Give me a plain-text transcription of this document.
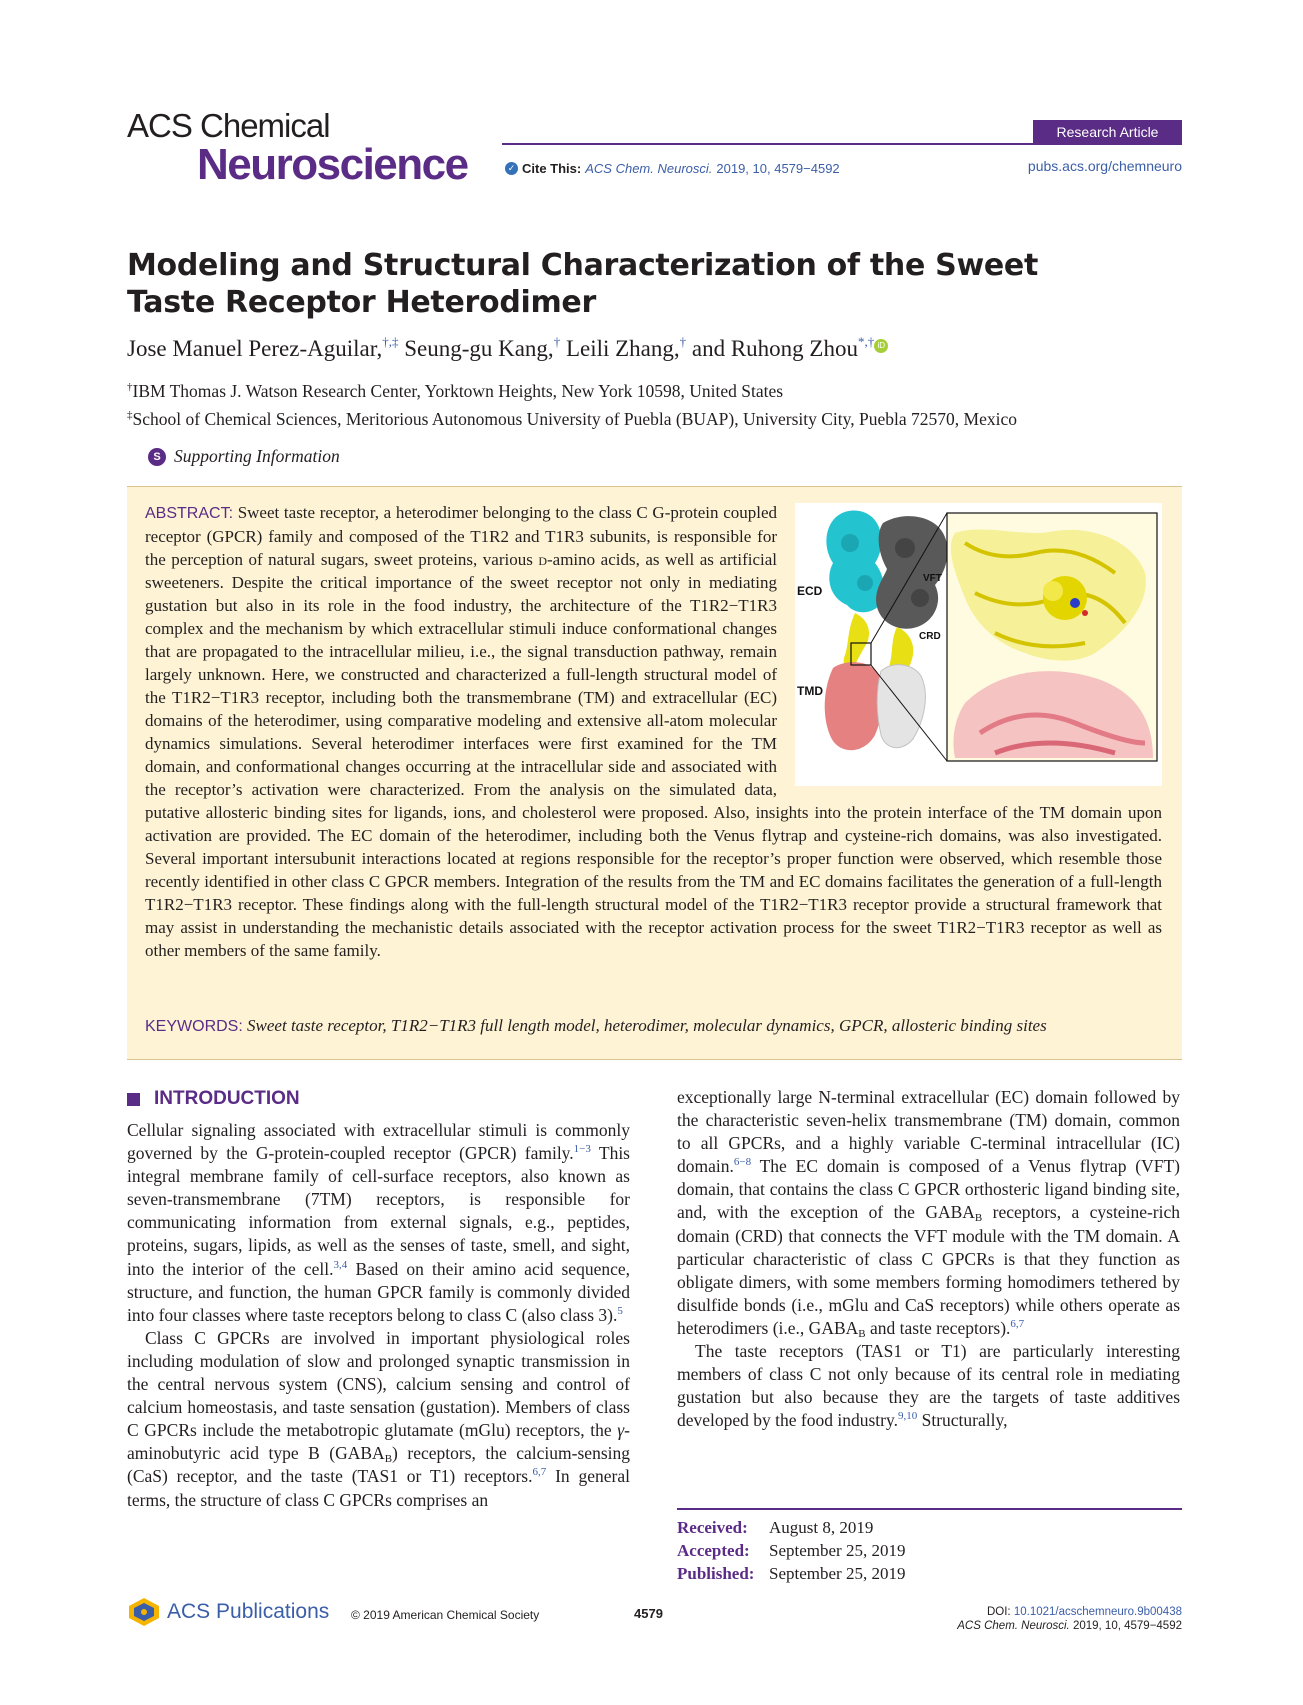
ACS Chemical
Neuroscience
Research Article
✓ Cite This: ACS Chem. Neurosci. 2019, 10, 4579−4592	pubs.acs.org/chemneuro
Modeling and Structural Characterization of the Sweet Taste Receptor Heterodimer
Jose Manuel Perez-Aguilar,†,‡ Seung-gu Kang,† Leili Zhang,† and Ruhong Zhou*,† iD
†IBM Thomas J. Watson Research Center, Yorktown Heights, New York 10598, United States
‡School of Chemical Sciences, Meritorious Autonomous University of Puebla (BUAP), University City, Puebla 72570, Mexico
S Supporting Information
ECD
VFT
CRD
TMD
ABSTRACT: Sweet taste receptor, a heterodimer belonging to the class C G-protein coupled receptor (GPCR) family and composed of the T1R2 and T1R3 subunits, is responsible for the perception of natural sugars, sweet proteins, various d-amino acids, as well as artificial sweeteners. Despite the critical importance of the sweet receptor not only in mediating gustation but also in its role in the food industry, the architecture of the T1R2−T1R3 complex and the mechanism by which extracellular stimuli induce conformational changes that are propagated to the intracellular milieu, i.e., the signal transduction pathway, remain largely unknown. Here, we constructed and characterized a full-length structural model of the T1R2−T1R3 receptor, including both the transmembrane (TM) and extracellular (EC) domains of the heterodimer, using comparative modeling and extensive all-atom molecular dynamics simulations. Several heterodimer interfaces were first examined for the TM domain, and conformational changes occurring at the intracellular side and associated with the receptor’s activation were characterized. From the analysis on the simulated data, putative allosteric binding sites for ligands, ions, and cholesterol were proposed. Also, insights into the protein interface of the TM domain upon activation are provided. The EC domain of the heterodimer, including both the Venus flytrap and cysteine-rich domains, was also investigated. Several important intersubunit interactions located at regions responsible for the receptor’s proper function were observed, which resemble those recently identified in other class C GPCR members. Integration of the results from the TM and EC domains facilitates the generation of a full-length T1R2−T1R3 receptor. These findings along with the full-length structural model of the T1R2−T1R3 receptor provide a structural framework that may assist in understanding the mechanistic details associated with the receptor activation process for the sweet T1R2−T1R3 receptor as well as other members of the same family.
KEYWORDS: Sweet taste receptor, T1R2−T1R3 full length model, heterodimer, molecular dynamics, GPCR, allosteric binding sites
INTRODUCTION

Cellular signaling associated with extracellular stimuli is commonly governed by the G-protein-coupled receptor (GPCR) family.$^{1-3}$ This integral membrane family of cell-surface receptors, also known as seven-transmembrane (7TM) receptors, is responsible for communicating information from external signals, e.g., peptides, proteins, sugars, lipids, as well as the senses of taste, smell, and sight, into the interior of the cell.$^{3,4}$ Based on their amino acid sequence, structure, and function, the human GPCR family is commonly divided into four classes where taste receptors belong to class C (also class 3).$^5$

Class C GPCRs are involved in important physiological roles including modulation of slow and prolonged synaptic transmission in the central nervous system (CNS), calcium sensing and control of calcium homeostasis, and taste sensation (gustation). Members of class C GPCRs include the metabotropic glutamate (mGlu) receptors, the γ-aminobutyric acid type B $(GABA_B)$ receptors, the calcium-sensing (CaS) receptor, and the taste (TAS1 or T1) receptors.$^{6,7}$ In general terms, the structure of class C GPCRs comprises an

exceptionally large N-terminal extracellular (EC) domain followed by the characteristic seven-helix transmembrane (TM) domain, common to all GPCRs, and a highly variable C-terminal intracellular (IC) domain.$^{6-8}$ The EC domain is composed of a Venus flytrap (VFT) domain, that contains the class C GPCR orthosteric ligand binding site, and, with the exception of the $GABA_B$ receptors, a cysteine-rich domain (CRD) that connects the VFT module with the TM domain. A particular characteristic of class C GPCRs is that they function as obligate dimers, with some members forming homodimers tethered by disulfide bonds (i.e., mGlu and CaS receptors) while others operate as heterodimers (i.e., $GABA_B$ and taste receptors).$^{6,7}$

The taste receptors (TAS1 or T1) are particularly interesting members of class C not only because of its central role in mediating gustation but also because they are the targets of taste additives developed by the food industry.$^{9,10}$ Structurally,

Received:	August 8, 2019
Accepted:	September 25, 2019
Published: September 25, 2019
ACS Publications © 2019 American Chemical Society	4579	DOI: 10.1021/acschemneuro.9b00438
ACS Chem. Neurosci. 2019, 10, 4579−4592
